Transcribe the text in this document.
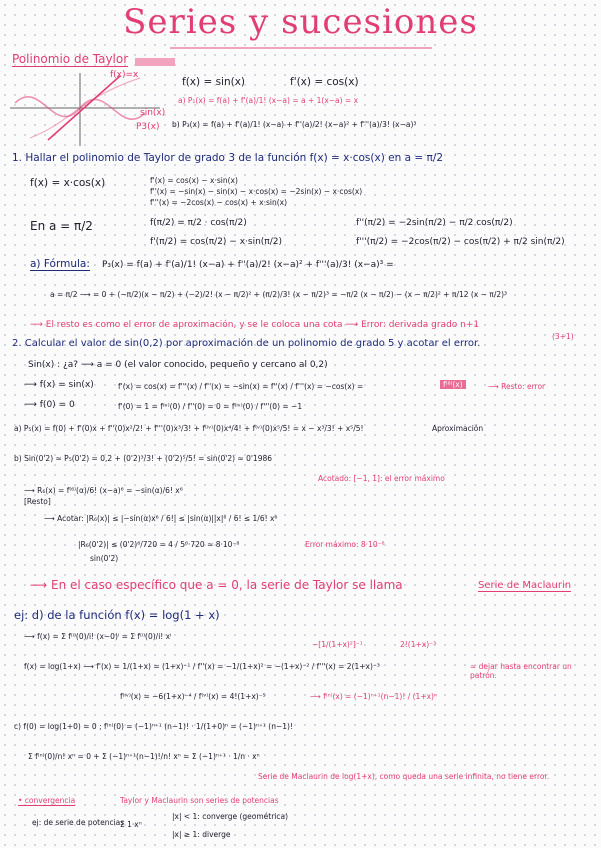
Series y sucesiones
Polinomio de Taylor
f(x)=x
sin(x)
P3(x)
f(x) = sin(x)	f'(x) = cos(x)
a) P₁(x) = f(a) + f'(a)/1! (x−a) = a + 1(x−a) = x
b) P₃(x) = f(a) + f'(a)/1! (x−a) + f''(a)/2! (x−a)² + f'''(a)/3! (x−a)³
1. Hallar el polinomio de Taylor de grado 3 de la función f(x) = x·cos(x) en a = π/2
f(x) = x·cos(x)	f'(x) = cos(x) − x·sin(x)
f''(x) = −sin(x) − sin(x) − x·cos(x) = −2sin(x) − x·cos(x)
f'''(x) = −2cos(x) − cos(x) + x·sin(x)
En a = π/2	f(π/2) = π/2 · cos(π/2)
f'(π/2) = cos(π/2) − x·sin(π/2)
f''(π/2) = −2sin(π/2) − π/2 cos(π/2)
f'''(π/2) = −2cos(π/2) − cos(π/2) + π/2 sin(π/2)
a) Fórmula: P₃(x) = f(a) + f'(a)/1! (x−a) + f''(a)/2! (x−a)² + f'''(a)/3! (x−a)³ =
a = π/2 ⟶ = 0 + (−π/2)(x − π/2) + (−2)/2! (x − π/2)² + (π/2)/3! (x − π/2)³ = −π/2 (x − π/2) − (x − π/2)² + π/12 (x − π/2)³
⟶ El resto es como el error de aproximación, y se le coloca una cota ⟶ Error: derivada grado n+1
(3+1)
2. Calcular el valor de sin(0,2) por aproximación de un polinomio de grado 5 y acotar el error.
Sin(x) : ¿a? ⟶ a = 0 (el valor conocido, pequeño y cercano al 0,2)
⟶ f(x) = sin(x)	f'(x) = cos(x) = f'''(x) / f''(x) = −sin(x) = f''(x) / f'''(x) = −cos(x) =	f⁽⁶⁾(x)	⟶ Resto: error
⟶ f(0) = 0	f'(0) = 1 = f⁽ᵛ⁾(0) / f''(0) = 0 = f⁽ⁱᵛ⁾(0) / f'''(0) = −1
a) P₅(x) = f(0) + f'(0)x + f''(0)x²/2! + f'''(0)x³/3! + f⁽ⁱᵛ⁾(0)x⁴/4! + f⁽ᵛ⁾(0)x⁵/5! = x − x³/3! + x⁵/5!	Aproximación
b) Sin(0'2) ≈ P₅(0'2) = 0,2 + (0'2)³/3! + (0'2)⁵/5! = sin(0'2) ≈ 0'1986
Acotado: [−1, 1]: el error máximo
⟶ R₆(x) = f⁽⁶⁾(α)/6! (x−a)⁶ = −sin(α)/6! x⁶
[Resto]
⟶ Acotar: |R₆(x)| ≤ |−sin(α)x⁶ / 6!| ≤ |sin(α)||x|⁶ / 6! ≤ 1/6! x⁶
|R₆(0'2)| ≤ (0'2)⁶/720 = 4 / 5⁶·720 ≈ 8·10⁻⁸
sin(0'2)
Error máximo: 8·10⁻⁸
⟶ En el caso específico que a = 0, la serie de Taylor se llama	Serie de Maclaurin
ej: d) de la función f(x) = log(1 + x)
⟶ f(x) = Σ f⁽ⁱ⁾(0)/i! (x−0)ⁱ = Σ f⁽ⁱ⁾(0)/i! xⁱ
−[1/(1+x)²]⁻¹	2!(1+x)⁻³
f(x) = log(1+x) ⟶ f'(x) = 1/(1+x) = (1+x)⁻¹ / f''(x) = −1/(1+x)² = −(1+x)⁻² / f'''(x) = 2(1+x)⁻³	≈ dejar hasta encontrar un patrón.
f⁽ⁱᵛ⁾(x) = −6(1+x)⁻⁴ / f⁽ᵛ⁾(x) = 4!(1+x)⁻⁵	⟶ f⁽ⁿ⁾(x) = (−1)ⁿ⁺¹(n−1)! / (1+x)ⁿ
c) f(0) = log(1+0) = 0 ; f⁽ⁿ⁾(0) = (−1)ⁿ⁺¹ (n−1)! · 1/(1+0)ⁿ = (−1)ⁿ⁺¹ (n−1)!
Σ f⁽ⁿ⁾(0)/n! xⁿ = 0 + Σ (−1)ⁿ⁺¹(n−1)!/n! xⁿ = Σ (−1)ⁿ⁺¹ · 1/n · xⁿ
Serie de Maclaurin de log(1+x), como queda una serie infinita, no tiene error.
• convergencia	Taylor y Maclaurin son series de potencias
ej: de serie de potencias
Σ 1·xⁿ
|x| < 1: converge (geométrica)
|x| ≥ 1: diverge
